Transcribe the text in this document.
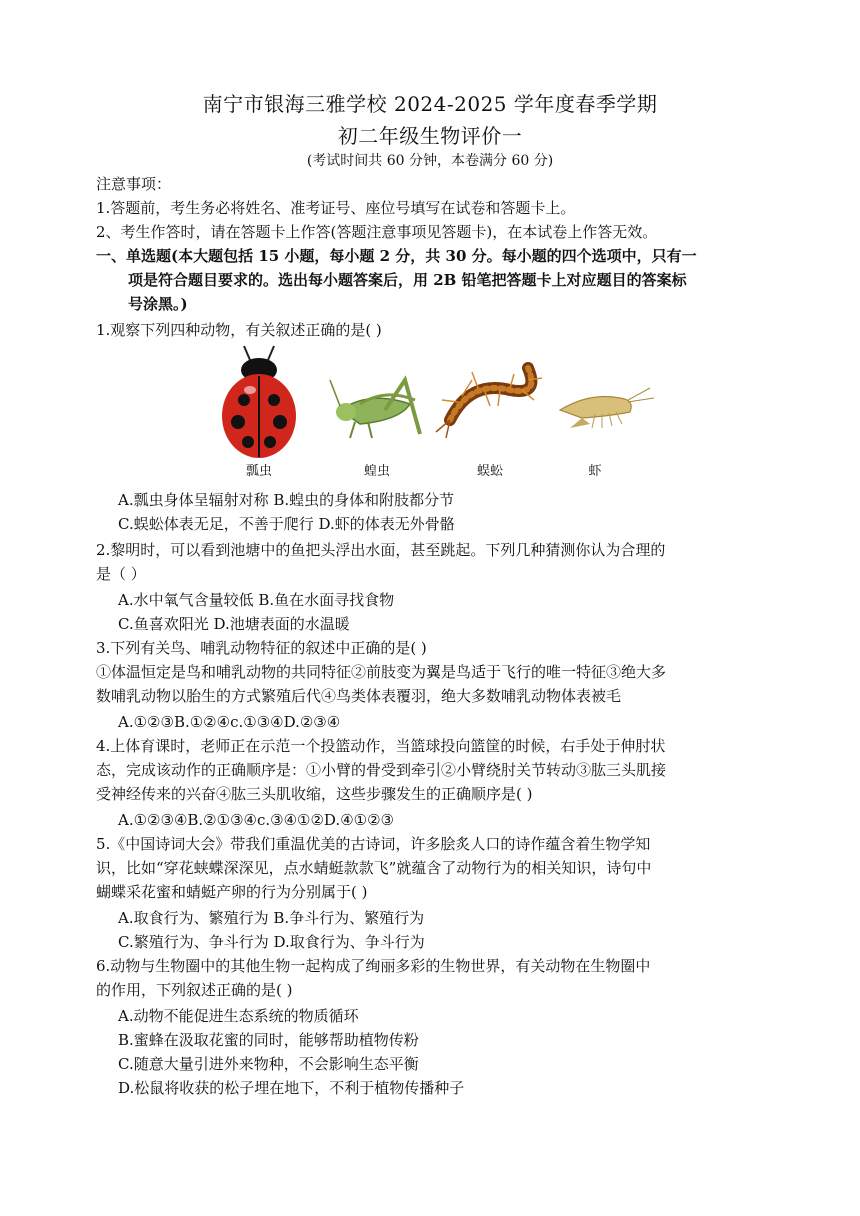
南宁市银海三雅学校 2024-2025 学年度春季学期
初二年级生物评价一
(考试时间共 60 分钟，本卷满分 60 分)
注意事项：
1.答题前，考生务必将姓名、准考证号、座位号填写在试卷和答题卡上。
2、考生作答时，请在答题卡上作答(答题注意事项见答题卡)，在本试卷上作答无效。
一、单选题(本大题包括 15 小题，每小题 2 分，共 30 分。每小题的四个选项中，只有一
项是符合题目要求的。选出每小题答案后，用 2B 铅笔把答题卡上对应题目的答案标
号涂黑。)
1.观察下列四种动物，有关叙述正确的是( )
瓢虫	蝗虫	蜈蚣	虾
A.瓢虫身体呈辐射对称 B.蝗虫的身体和附肢都分节
C.蜈蚣体表无足，不善于爬行 D.虾的体表无外骨骼
2.黎明时，可以看到池塘中的鱼把头浮出水面，甚至跳起。下列几种猜测你认为合理的
是（ ）
A.水中氧气含量较低 B.鱼在水面寻找食物
C.鱼喜欢阳光 D.池塘表面的水温暖
3.下列有关鸟、哺乳动物特征的叙述中正确的是( )
①体温恒定是鸟和哺乳动物的共同特征②前肢变为翼是鸟适于飞行的唯一特征③绝大多
数哺乳动物以胎生的方式繁殖后代④鸟类体表覆羽，绝大多数哺乳动物体表被毛
A.①②③B.①②④c.①③④D.②③④
4.上体育课时，老师正在示范一个投篮动作，当篮球投向篮筐的时候，右手处于伸肘状
态，完成该动作的正确顺序是：①小臂的骨受到牵引②小臂绕肘关节转动③肱三头肌接
受神经传来的兴奋④肱三头肌收缩，这些步骤发生的正确顺序是( )
A.①②③④B.②①③④c.③④①②D.④①②③
5.《中国诗词大会》带我们重温优美的古诗词，许多脍炙人口的诗作蕴含着生物学知
识，比如“穿花蛱蝶深深见，点水蜻蜓款款飞”就蕴含了动物行为的相关知识，诗句中
蝴蝶采花蜜和蜻蜓产卵的行为分别属于( )
A.取食行为、繁殖行为 B.争斗行为、繁殖行为
C.繁殖行为、争斗行为 D.取食行为、争斗行为
6.动物与生物圈中的其他生物一起构成了绚丽多彩的生物世界，有关动物在生物圈中
的作用，下列叙述正确的是( )
A.动物不能促进生态系统的物质循环
B.蜜蜂在汲取花蜜的同时，能够帮助植物传粉
C.随意大量引进外来物种，不会影响生态平衡
D.松鼠将收获的松子埋在地下，不利于植物传播种子
